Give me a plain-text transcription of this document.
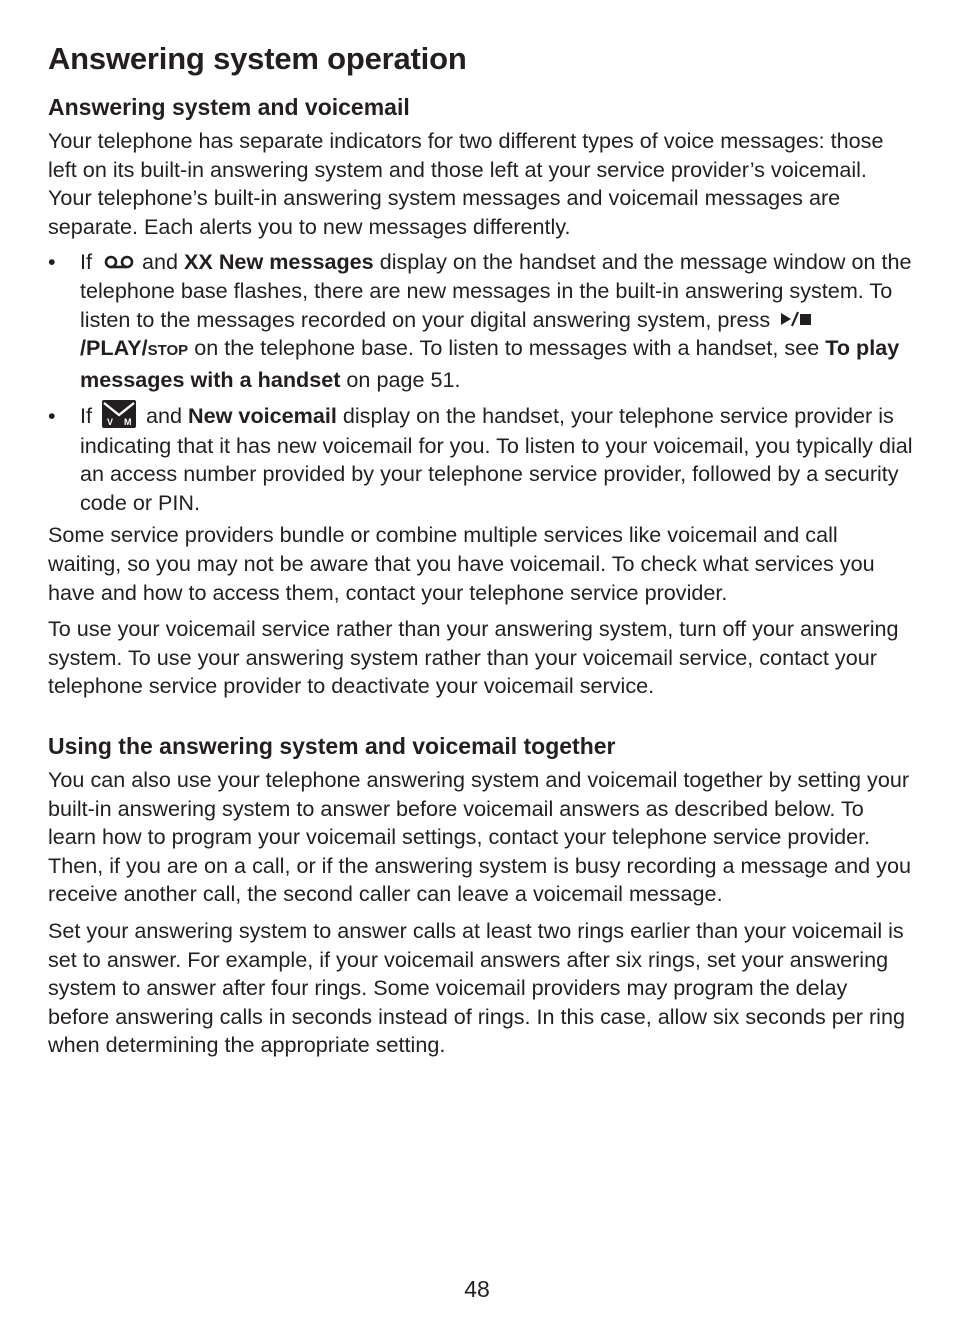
Answering system operation
Answering system and voicemail

Your telephone has separate indicators for two different types of voice messages: those left on its built-in answering system and those left at your service provider’s voicemail. Your telephone’s built-in answering system messages and voicemail messages are separate. Each alerts you to new messages differently.

• If and XX New messages display on the handset and the message window on the telephone base flashes, there are new messages in the built-in answering system. To listen to the messages recorded on your digital answering system, press
/PLAY/STOP on the telephone base. To listen to messages with a handset, see To play messages with a handset on page 51.
• If V M and New voicemail display on the handset, your telephone service provider is indicating that it has new voicemail for you. To listen to your voicemail, you typically dial an access number provided by your telephone service provider, followed by a security code or PIN.

Some service providers bundle or combine multiple services like voicemail and call waiting, so you may not be aware that you have voicemail. To check what services you have and how to access them, contact your telephone service provider.

To use your voicemail service rather than your answering system, turn off your answering system. To use your answering system rather than your voicemail service, contact your telephone service provider to deactivate your voicemail service.

Using the answering system and voicemail together

You can also use your telephone answering system and voicemail together by setting your built-in answering system to answer before voicemail answers as described below. To learn how to program your voicemail settings, contact your telephone service provider. Then, if you are on a call, or if the answering system is busy recording a message and you receive another call, the second caller can leave a voicemail message.

Set your answering system to answer calls at least two rings earlier than your voicemail is set to answer. For example, if your voicemail answers after six rings, set your answering system to answer after four rings. Some voicemail providers may program the delay before answering calls in seconds instead of rings. In this case, allow six seconds per ring when determining the appropriate setting.

48
